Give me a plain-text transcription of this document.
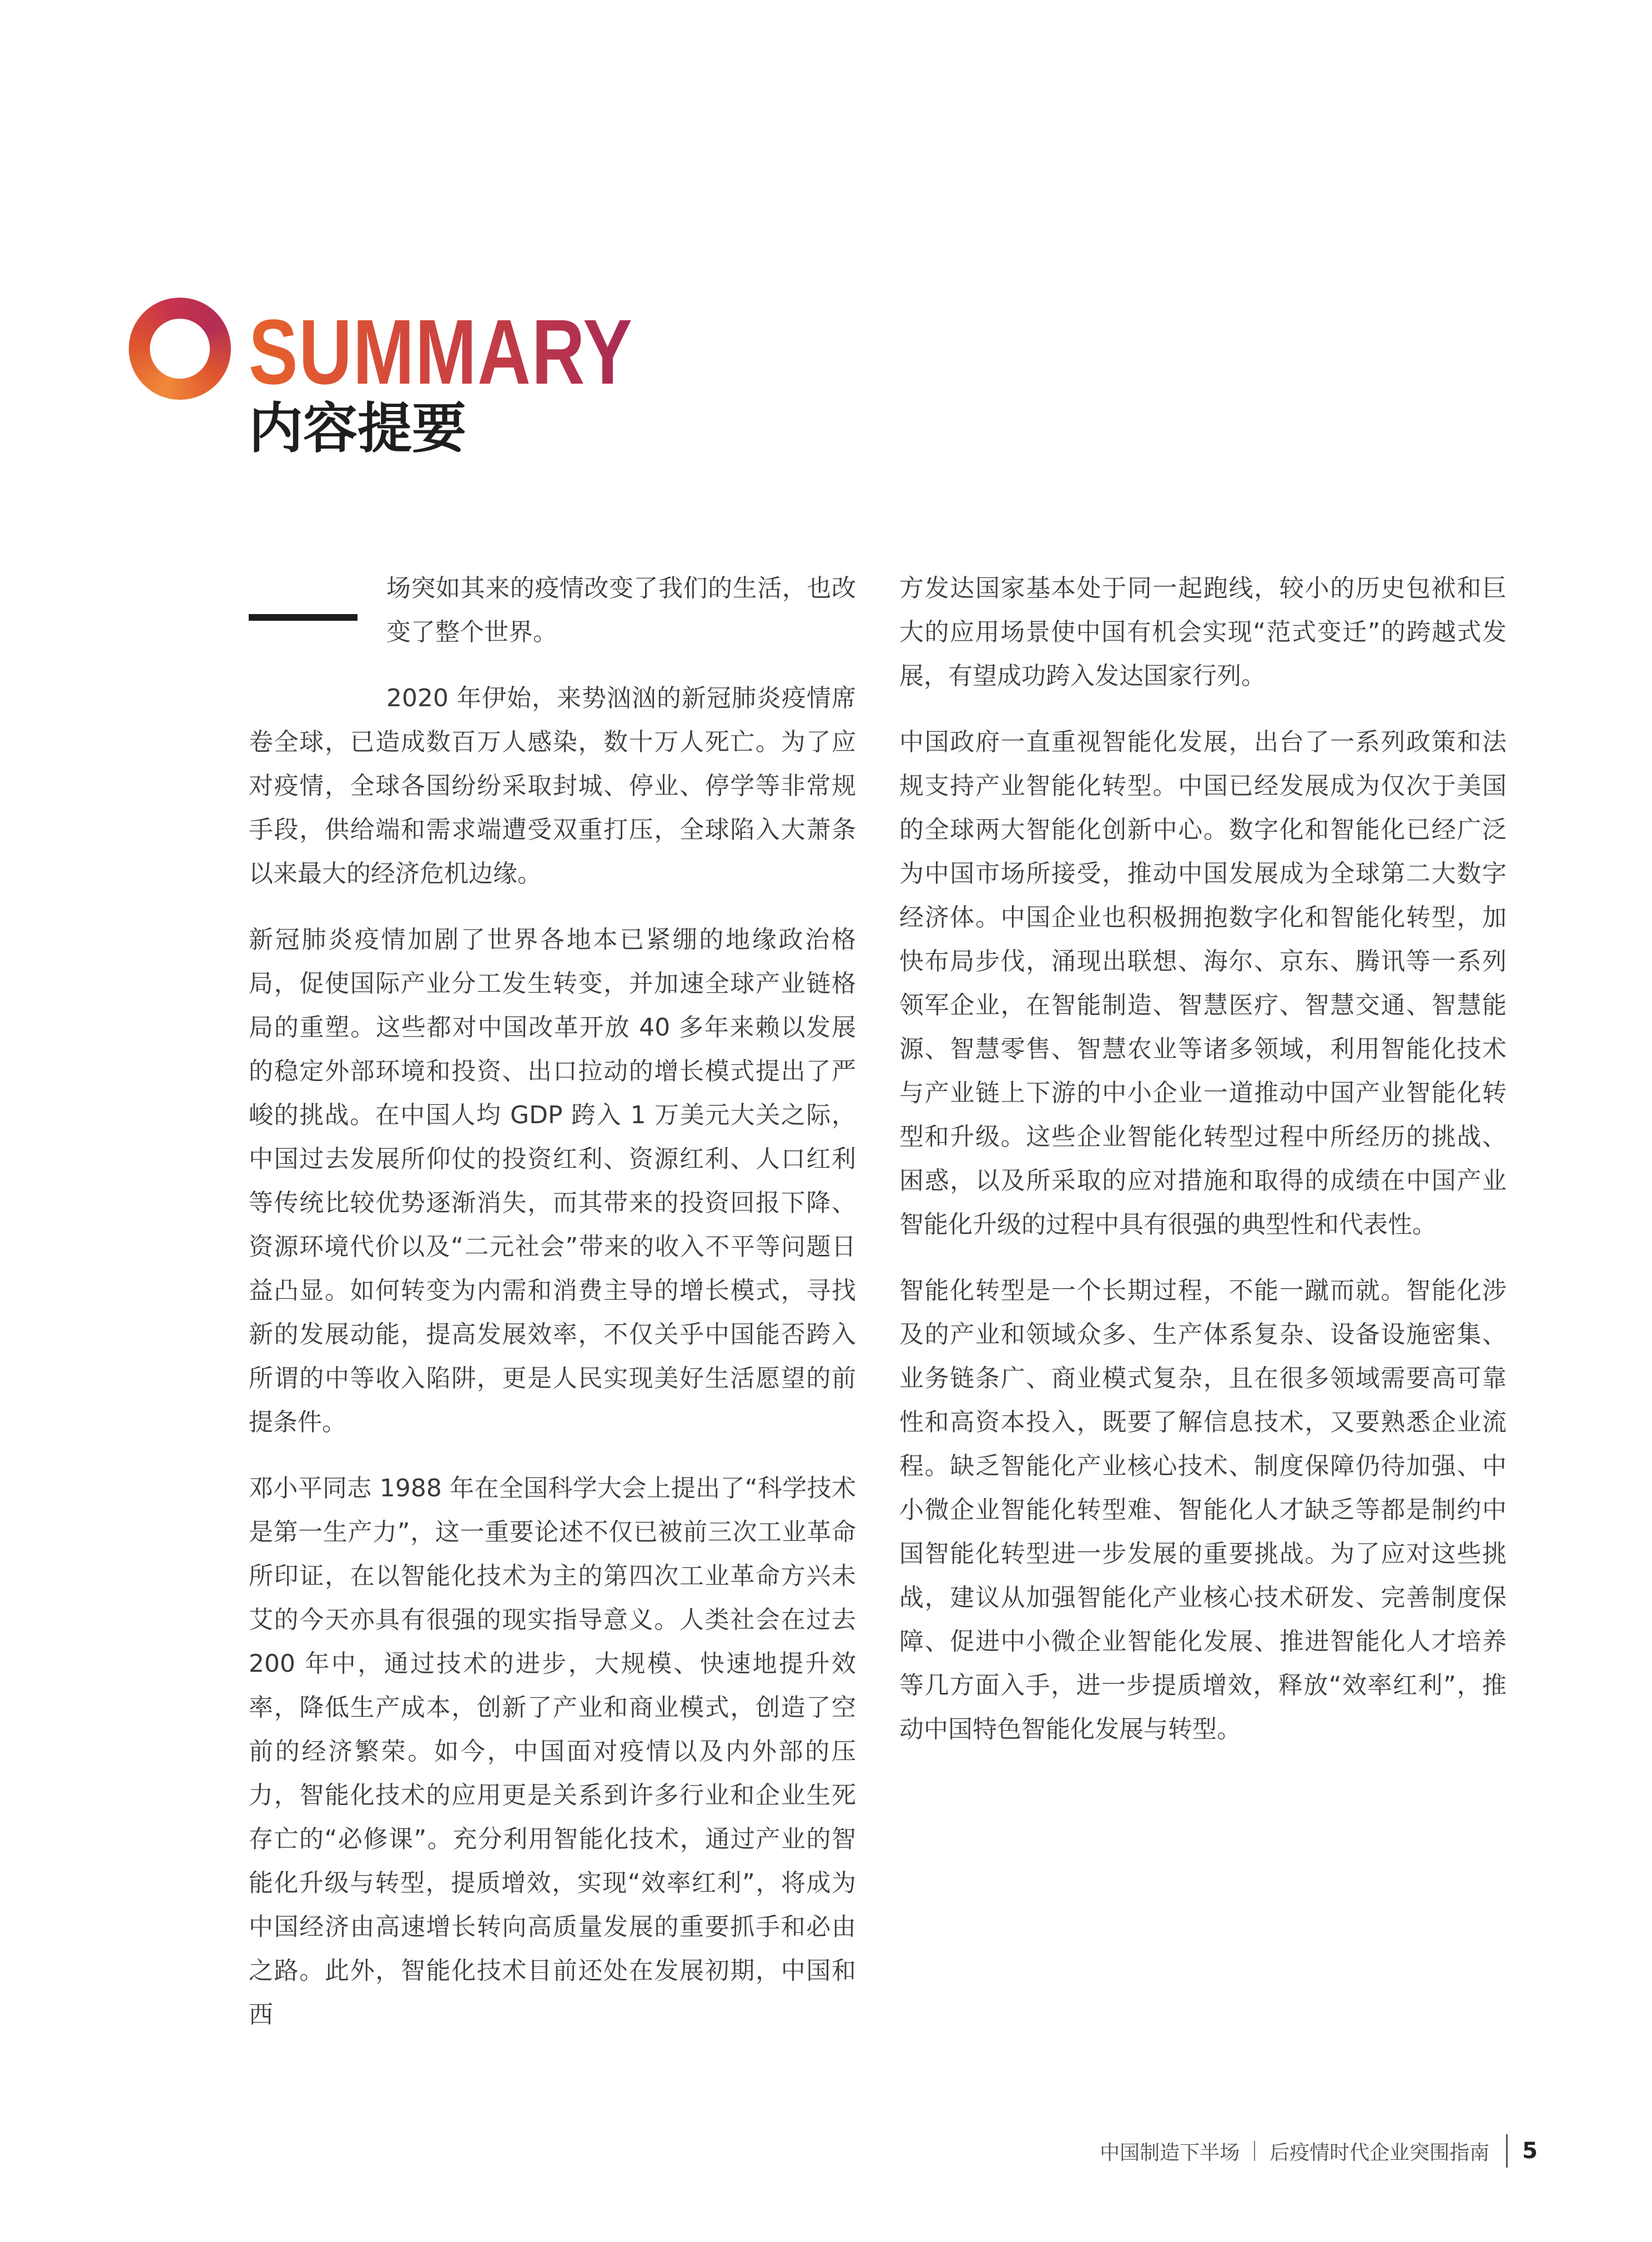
SUMMARY
内容提要

场突如其来的疫情改变了我们的生活，也改变了整个世界。

2020 年伊始，来势汹汹的新冠肺炎疫情席卷全球，已造成数百万人感染，数十万人死亡。为了应对疫情，全球各国纷纷采取封城、停业、停学等非常规手段，供给端和需求端遭受双重打压，全球陷入大萧条以来最大的经济危机边缘。

新冠肺炎疫情加剧了世界各地本已紧绷的地缘政治格局，促使国际产业分工发生转变，并加速全球产业链格局的重塑。这些都对中国改革开放 40 多年来赖以发展的稳定外部环境和投资、出口拉动的增长模式提出了严峻的挑战。在中国人均 GDP 跨入 1 万美元大关之际，中国过去发展所仰仗的投资红利、资源红利、人口红利等传统比较优势逐渐消失，而其带来的投资回报下降、资源环境代价以及“二元社会”带来的收入不平等问题日益凸显。如何转变为内需和消费主导的增长模式，寻找新的发展动能，提高发展效率，不仅关乎中国能否跨入所谓的中等收入陷阱，更是人民实现美好生活愿望的前提条件。

邓小平同志 1988 年在全国科学大会上提出了“科学技术是第一生产力”，这一重要论述不仅已被前三次工业革命所印证，在以智能化技术为主的第四次工业革命方兴未艾的今天亦具有很强的现实指导意义。人类社会在过去 200 年中，通过技术的进步，大规模、快速地提升效率，降低生产成本，创新了产业和商业模式，创造了空前的经济繁荣。如今，中国面对疫情以及内外部的压力，智能化技术的应用更是关系到许多行业和企业生死存亡的“必修课”。充分利用智能化技术，通过产业的智能化升级与转型，提质增效，实现“效率红利”，将成为中国经济由高速增长转向高质量发展的重要抓手和必由之路。此外，智能化技术目前还处在发展初期，中国和西

方发达国家基本处于同一起跑线，较小的历史包袱和巨大的应用场景使中国有机会实现“范式变迁”的跨越式发展，有望成功跨入发达国家行列。

中国政府一直重视智能化发展，出台了一系列政策和法规支持产业智能化转型。中国已经发展成为仅次于美国的全球两大智能化创新中心。数字化和智能化已经广泛为中国市场所接受，推动中国发展成为全球第二大数字经济体。中国企业也积极拥抱数字化和智能化转型，加快布局步伐，涌现出联想、海尔、京东、腾讯等一系列领军企业，在智能制造、智慧医疗、智慧交通、智慧能源、智慧零售、智慧农业等诸多领域，利用智能化技术与产业链上下游的中小企业一道推动中国产业智能化转型和升级。这些企业智能化转型过程中所经历的挑战、困惑，以及所采取的应对措施和取得的成绩在中国产业智能化升级的过程中具有很强的典型性和代表性。

智能化转型是一个长期过程，不能一蹴而就。智能化涉及的产业和领域众多、生产体系复杂、设备设施密集、业务链条广、商业模式复杂，且在很多领域需要高可靠性和高资本投入，既要了解信息技术，又要熟悉企业流程。缺乏智能化产业核心技术、制度保障仍待加强、中小微企业智能化转型难、智能化人才缺乏等都是制约中国智能化转型进一步发展的重要挑战。为了应对这些挑战，建议从加强智能化产业核心技术研发、完善制度保障、促进中小微企业智能化发展、推进智能化人才培养等几方面入手，进一步提质增效，释放“效率红利”，推动中国特色智能化发展与转型。

中国制造下半场 后疫情时代企业突围指南 5
